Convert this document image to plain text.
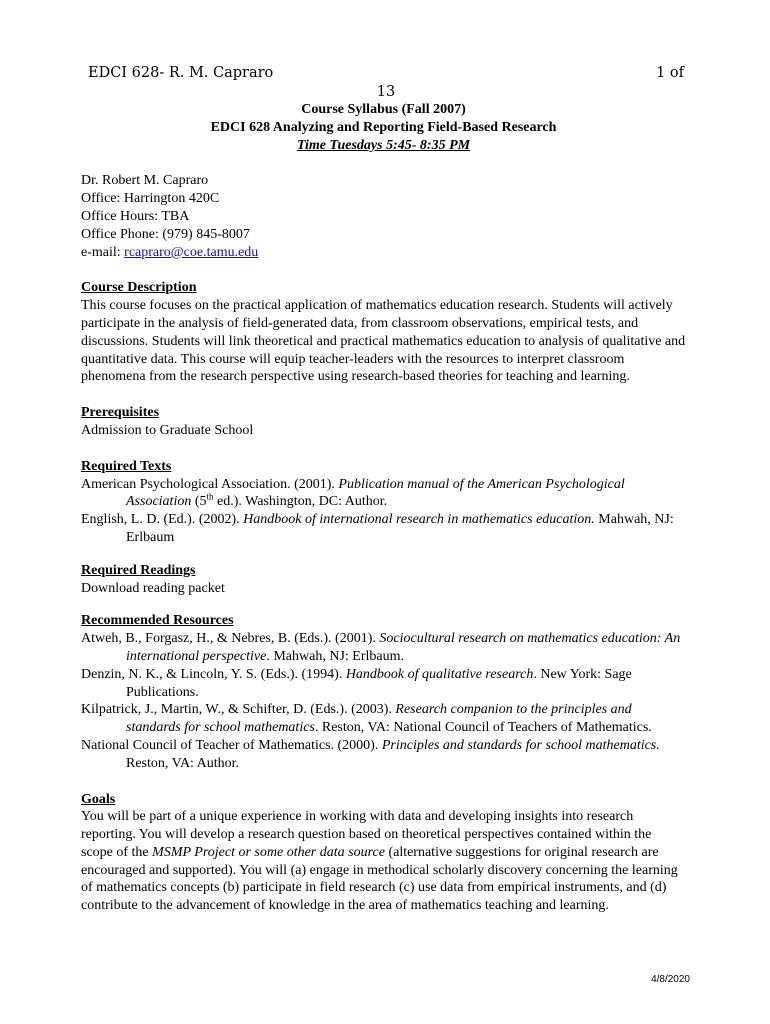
EDCI 628- R. M. Capraro	1 of
13
Course Syllabus (Fall 2007)
EDCI 628 Analyzing and Reporting Field-Based Research
Time Tuesdays 5:45- 8:35 PM
Dr. Robert M. Capraro
Office: Harrington 420C
Office Hours: TBA
Office Phone: (979) 845-8007
e-mail: rcapraro@coe.tamu.edu
Course Description
This course focuses on the practical application of mathematics education research. Students will actively participate in the analysis of field-generated data, from classroom observations, empirical tests, and discussions. Students will link theoretical and practical mathematics education to analysis of qualitative and quantitative data. This course will equip teacher-leaders with the resources to interpret classroom phenomena from the research perspective using research-based theories for teaching and learning.
Prerequisites
Admission to Graduate School
Required Texts
American Psychological Association. (2001). Publication manual of the American Psychological Association (5th ed.). Washington, DC: Author.
English, L. D. (Ed.). (2002). Handbook of international research in mathematics education. Mahwah, NJ: Erlbaum
Required Readings
Download reading packet
Recommended Resources
Atweh, B., Forgasz, H., & Nebres, B. (Eds.). (2001). Sociocultural research on mathematics education: An international perspective. Mahwah, NJ: Erlbaum.
Denzin, N. K., & Lincoln, Y. S. (Eds.). (1994). Handbook of qualitative research. New York: Sage Publications.
Kilpatrick, J., Martin, W., & Schifter, D. (Eds.). (2003). Research companion to the principles and standards for school mathematics. Reston, VA: National Council of Teachers of Mathematics.
National Council of Teacher of Mathematics. (2000). Principles and standards for school mathematics. Reston, VA: Author.
Goals
You will be part of a unique experience in working with data and developing insights into research reporting. You will develop a research question based on theoretical perspectives contained within the scope of the MSMP Project or some other data source (alternative suggestions for original research are encouraged and supported). You will (a) engage in methodical scholarly discovery concerning the learning of mathematics concepts (b) participate in field research (c) use data from empirical instruments, and (d) contribute to the advancement of knowledge in the area of mathematics teaching and learning.
4/8/2020
